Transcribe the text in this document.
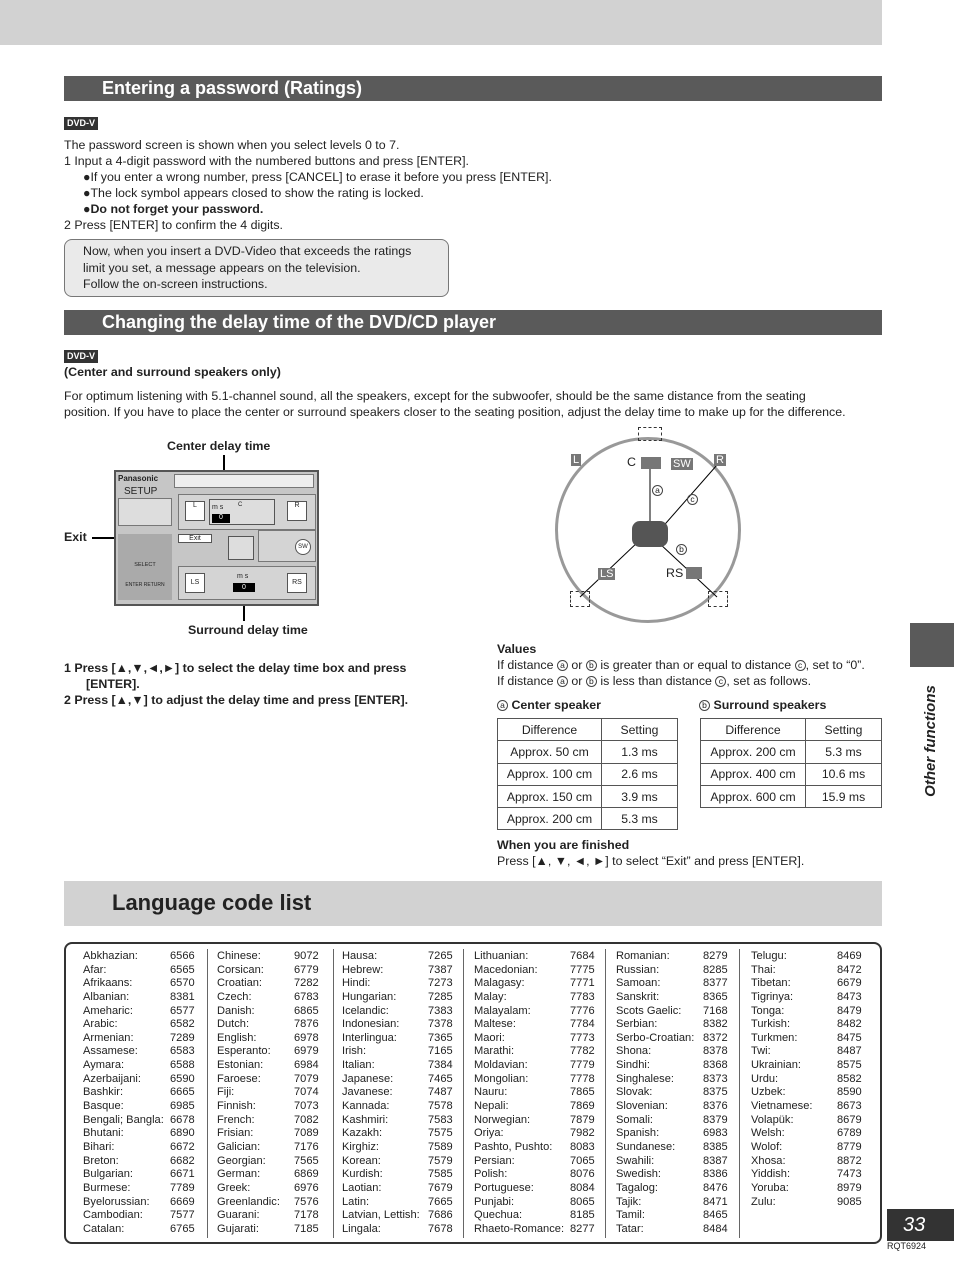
Entering a password (Ratings)
DVD-V
The password screen is shown when you select levels 0 to 7.
1 Input a 4-digit password with the numbered buttons and press [ENTER].
●If you enter a wrong number, press [CANCEL] to erase it before you press [ENTER].
●The lock symbol appears closed to show the rating is locked.
●Do not forget your password.
2 Press [ENTER] to confirm the 4 digits.
Now, when you insert a DVD-Video that exceeds the ratings
limit you set, a message appears on the television.
Follow the on-screen instructions.
Changing the delay time of the DVD/CD player
DVD-V
(Center and surround speakers only)
For optimum listening with 5.1-channel sound, all the speakers, except for the subwoofer, should be the same distance from the seating
position. If you have to place the center or surround speakers closer to the seating position, adjust the delay time to make up for the difference.
Center delay time
Exit
Surround delay time
Panasonic
SETUP
SELECT
ENTER RETURN
L	m s C
0
R
Exit
SW
LS
m s
0
RS
L	C	SW R
LS	RS
a
c
b
1 Press [▲,▼,◄,►] to select the delay time box and press
[ENTER].
2 Press [▲,▼] to adjust the delay time and press [ENTER].
Values
If distance a or b is greater than or equal to distance c , set to “0”.
If distance a or b is less than distance c , set as follows.
a Center speaker	b Surround speakers
Difference	Setting
Approx. 50 cm	1.3 ms
Approx. 100 cm	2.6 ms
Approx. 150 cm	3.9 ms
Approx. 200 cm	5.3 ms
Difference	Setting
Approx. 200 cm	5.3 ms
Approx. 400 cm	10.6 ms
Approx. 600 cm	15.9 ms
When you are finished
Press [▲, ▼, ◄, ►] to select “Exit” and press [ENTER].
Other functions
Language code list
Abkhazian:	6566
Afar:	6565
Afrikaans:	6570
Albanian:	8381
Ameharic:	6577
Arabic:	6582
Armenian:	7289
Assamese:	6583
Aymara:	6588
Azerbaijani:	6590
Bashkir:	6665
Basque:	6985
Bengali; Bangla: 6678
Bhutani:	6890
Bihari:	6672
Breton:	6682
Bulgarian:	6671
Burmese:	7789
Byelorussian: 6669
Cambodian: 7577
Catalan:	6765
Chinese:	9072
Corsican:	6779
Croatian:	7282
Czech:	6783
Danish:	6865
Dutch:	7876
English:	6978
Esperanto: 6979
Estonian:	6984
Faroese:	7079
Fiji:	7074
Finnish:	7073
French:	7082
Frisian:	7089
Galician:	7176
Georgian:	7565
German:	6869
Greek:	6976
Greenlandic: 7576
Guarani:	7178
Gujarati:	7185
Hausa:	7265
Hebrew:	7387
Hindi:	7273
Hungarian:	7285
Icelandic:	7383
Indonesian:	7378
Interlingua:	7365
Irish:	7165
Italian:	7384
Japanese:	7465
Javanese:	7487
Kannada:	7578
Kashmiri:	7583
Kazakh:	7575
Kirghiz:	7589
Korean:	7579
Kurdish:	7585
Laotian:	7679
Latin:	7665
Latvian, Lettish: 7686
Lingala:	7678
Lithuanian:	7684
Macedonian:	7775
Malagasy:	7771
Malay:	7783
Malayalam:	7776
Maltese:	7784
Maori:	7773
Marathi:	7782
Moldavian:	7779
Mongolian:	7778
Nauru:	7865
Nepali:	7869
Norwegian:	7879
Oriya:	7982
Pashto, Pushto: 8083
Persian:	7065
Polish:	8076
Portuguese:	8084
Punjabi:	8065
Quechua:	8185
Rhaeto-Romance: 8277
Romanian:	8279
Russian:	8285
Samoan:	8377
Sanskrit:	8365
Scots Gaelic: 7168
Serbian:	8382
Serbo-Croatian: 8372
Shona:	8378
Sindhi:	8368
Singhalese:	8373
Slovak:	8375
Slovenian:	8376
Somali:	8379
Spanish:	6983
Sundanese:	8385
Swahili:	8387
Swedish:	8386
Tagalog:	8476
Tajik:	8471
Tamil:	8465
Tatar:	8484
Telugu:	8469
Thai:	8472
Tibetan:	6679
Tigrinya:	8473
Tonga:	8479
Turkish:	8482
Turkmen:	8475
Twi:	8487
Ukrainian:	8575
Urdu:	8582
Uzbek:	8590
Vietnamese: 8673
Volapük:	8679
Welsh:	6789
Wolof:	8779
Xhosa:	8872
Yiddish:	7473
Yoruba:	8979
Zulu:	9085
33
RQT6924
